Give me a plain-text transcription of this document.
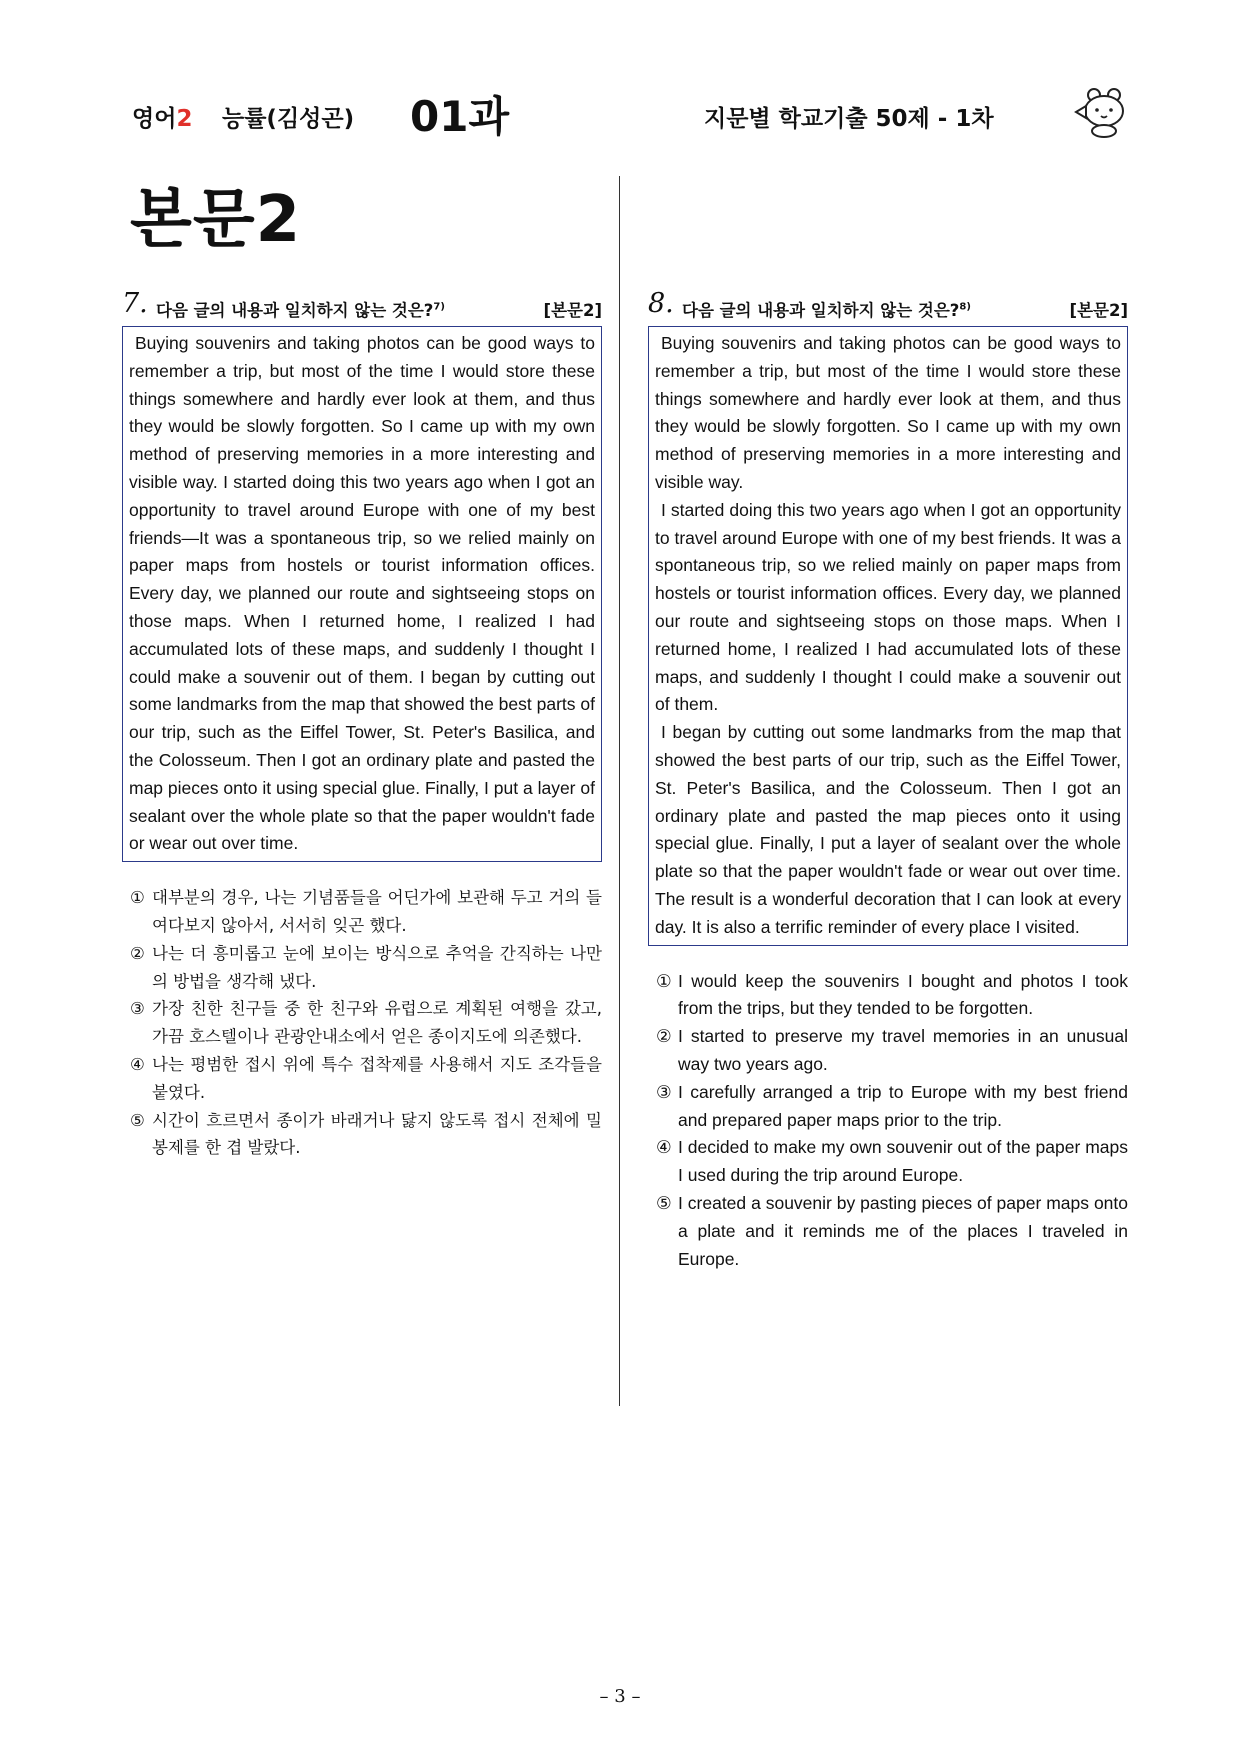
영어2 능률(김성곤) 01과	지문별 학교기출 50제 - 1차
본문2
7. 다음 글의 내용과 일치하지 않는 것은?$^{7)}$	[본문2]

Buying souvenirs and taking photos can be good ways to remember a trip, but most of the time I would store these things somewhere and hardly ever look at them, and thus they would be slowly forgotten. So I came up with my own method of preserving memories in a more interesting and visible way. I started doing this two years ago when I got an opportunity to travel around Europe with one of my best friends—It was a spontaneous trip, so we relied mainly on paper maps from hostels or tourist information offices. Every day, we planned our route and sightseeing stops on those maps. When I returned home, I realized I had accumulated lots of these maps, and suddenly I thought I could make a souvenir out of them. I began by cutting out some landmarks from the map that showed the best parts of our trip, such as the Eiffel Tower, St. Peter's Basilica, and the Colosseum. Then I got an ordinary plate and pasted the map pieces onto it using special glue. Finally, I put a layer of sealant over the whole plate so that the paper wouldn't fade or wear out over time.

① 대부분의 경우, 나는 기념품들을 어딘가에 보관해 두고 거의 들여다보지 않아서, 서서히 잊곤 했다.
② 나는 더 흥미롭고 눈에 보이는 방식으로 추억을 간직하는 나만의 방법을 생각해 냈다.
③ 가장 친한 친구들 중 한 친구와 유럽으로 계획된 여행을 갔고, 가끔 호스텔이나 관광안내소에서 얻은 종이지도에 의존했다.
④ 나는 평범한 접시 위에 특수 접착제를 사용해서 지도 조각들을 붙였다.
⑤ 시간이 흐르면서 종이가 바래거나 닳지 않도록 접시 전체에 밀봉제를 한 겹 발랐다.
8. 다음 글의 내용과 일치하지 않는 것은?$^{8)}$	[본문2]

Buying souvenirs and taking photos can be good ways to remember a trip, but most of the time I would store these things somewhere and hardly ever look at them, and thus they would be slowly forgotten. So I came up with my own method of preserving memories in a more interesting and visible way.

I started doing this two years ago when I got an opportunity to travel around Europe with one of my best friends. It was a spontaneous trip, so we relied mainly on paper maps from hostels or tourist information offices. Every day, we planned our route and sightseeing stops on those maps. When I returned home, I realized I had accumulated lots of these maps, and suddenly I thought I could make a souvenir out of them.

I began by cutting out some landmarks from the map that showed the best parts of our trip, such as the Eiffel Tower, St. Peter's Basilica, and the Colosseum. Then I got an ordinary plate and pasted the map pieces onto it using special glue. Finally, I put a layer of sealant over the whole plate so that the paper wouldn't fade or wear out over time. The result is a wonderful decoration that I can look at every day. It is also a terrific reminder of every place I visited.

① I would keep the souvenirs I bought and photos I took from the trips, but they tended to be forgotten.
② I started to preserve my travel memories in an unusual way two years ago.
③ I carefully arranged a trip to Europe with my best friend and prepared paper maps prior to the trip.
④ I decided to make my own souvenir out of the paper maps I used during the trip around Europe.
⑤ I created a souvenir by pasting pieces of paper maps onto a plate and it reminds me of the places I traveled in Europe.
– 3 –
